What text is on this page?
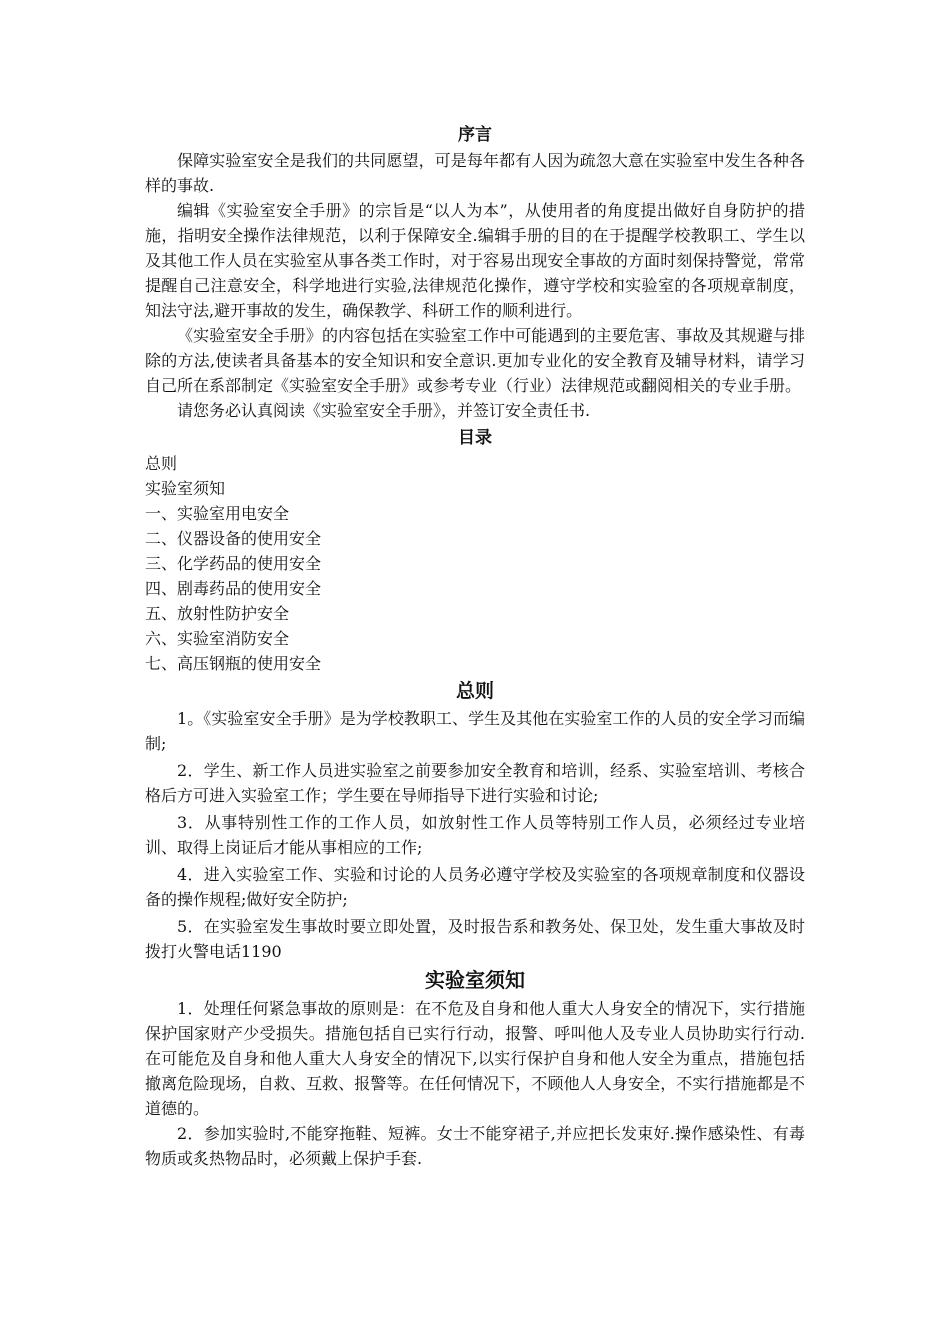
序言

保障实验室安全是我们的共同愿望，可是每年都有人因为疏忽大意在实验室中发生各种各样的事故.

编辑《实验室安全手册》的宗旨是“以人为本”，从使用者的角度提出做好自身防护的措施，指明安全操作法律规范，以利于保障安全.编辑手册的目的在于提醒学校教职工、学生以及其他工作人员在实验室从事各类工作时，对于容易出现安全事故的方面时刻保持警觉，常常提醒自己注意安全，科学地进行实验,法律规范化操作，遵守学校和实验室的各项规章制度，知法守法,避开事故的发生，确保教学、科研工作的顺利进行。

《实验室安全手册》的内容包括在实验室工作中可能遇到的主要危害、事故及其规避与排除的方法,使读者具备基本的安全知识和安全意识.更加专业化的安全教育及辅导材料，请学习自己所在系部制定《实验室安全手册》或参考专业（行业）法律规范或翻阅相关的专业手册。

请您务必认真阅读《实验室安全手册》，并签订安全责任书.

目录
总则
实验室须知
一、实验室用电安全
二、仪器设备的使用安全
三、化学药品的使用安全
四、剧毒药品的使用安全
五、放射性防护安全
六、实验室消防安全
七、高压钢瓶的使用安全
总则

1。《实验室安全手册》是为学校教职工、学生及其他在实验室工作的人员的安全学习而编制;

2．学生、新工作人员进实验室之前要参加安全教育和培训，经系、实验室培训、考核合格后方可进入实验室工作；学生要在导师指导下进行实验和讨论;

3．从事特别性工作的工作人员，如放射性工作人员等特别工作人员，必须经过专业培训、取得上岗证后才能从事相应的工作;

4．进入实验室工作、实验和讨论的人员务必遵守学校及实验室的各项规章制度和仪器设备的操作规程;做好安全防护;

5．在实验室发生事故时要立即处置，及时报告系和教务处、保卫处，发生重大事故及时拨打火警电话1190

实验室须知

1．处理任何紧急事故的原则是：在不危及自身和他人重大人身安全的情况下，实行措施保护国家财产少受损失。措施包括自已实行行动，报警、呼叫他人及专业人员协助实行行动.在可能危及自身和他人重大人身安全的情况下,以实行保护自身和他人安全为重点，措施包括撤离危险现场，自救、互救、报警等。在任何情况下，不顾他人人身安全，不实行措施都是不道德的。

2．参加实验时,不能穿拖鞋、短裤。女士不能穿裙子,并应把长发束好.操作感染性、有毒物质或炙热物品时，必须戴上保护手套.
